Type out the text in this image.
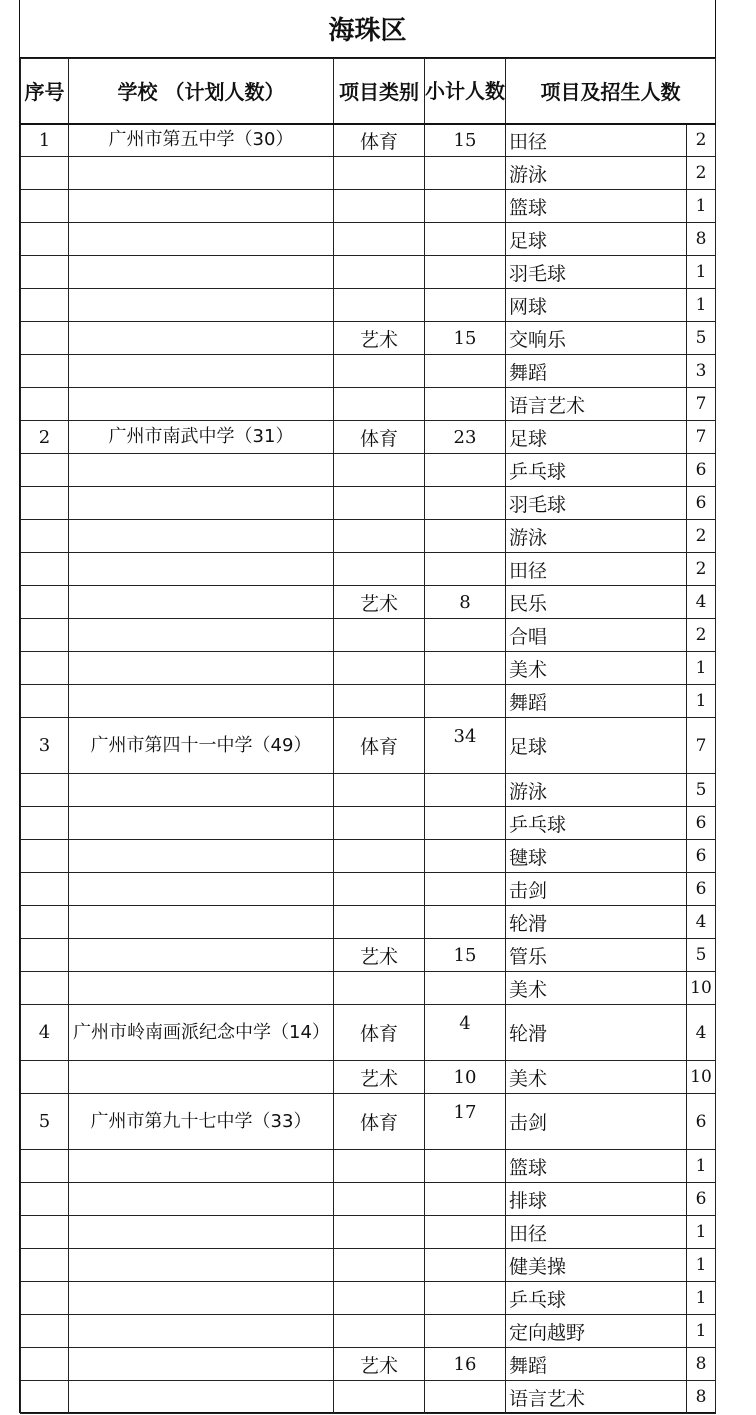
海珠区
序号	学校 （计划人数）	项目类别	小计人数	项目及招生人数	
1	广州市第五中学（30）	体育	15	田径	2
				游泳	2
				篮球	1
				足球	8
				羽毛球	1
				网球	1
		艺术	15	交响乐	5
				舞蹈	3
				语言艺术	7
2	广州市南武中学（31）	体育	23	足球	7
				乒乓球	6
				羽毛球	6
				游泳	2
				田径	2
		艺术	8	民乐	4
				合唱	2
				美术	1
				舞蹈	1
3	广州市第四十一中学（49）	体育	34	足球	7
				游泳	5
				乒乓球	6
				毽球	6
				击剑	6
				轮滑	4
		艺术	15	管乐	5
				美术	10
4	广州市岭南画派纪念中学（14）	体育	4	轮滑	4
		艺术	10	美术	10
5	广州市第九十七中学（33）	体育	17	击剑	6
				篮球	1
				排球	6
				田径	1
				健美操	1
				乒乓球	1
				定向越野	1
		艺术	16	舞蹈	8
				语言艺术	8
